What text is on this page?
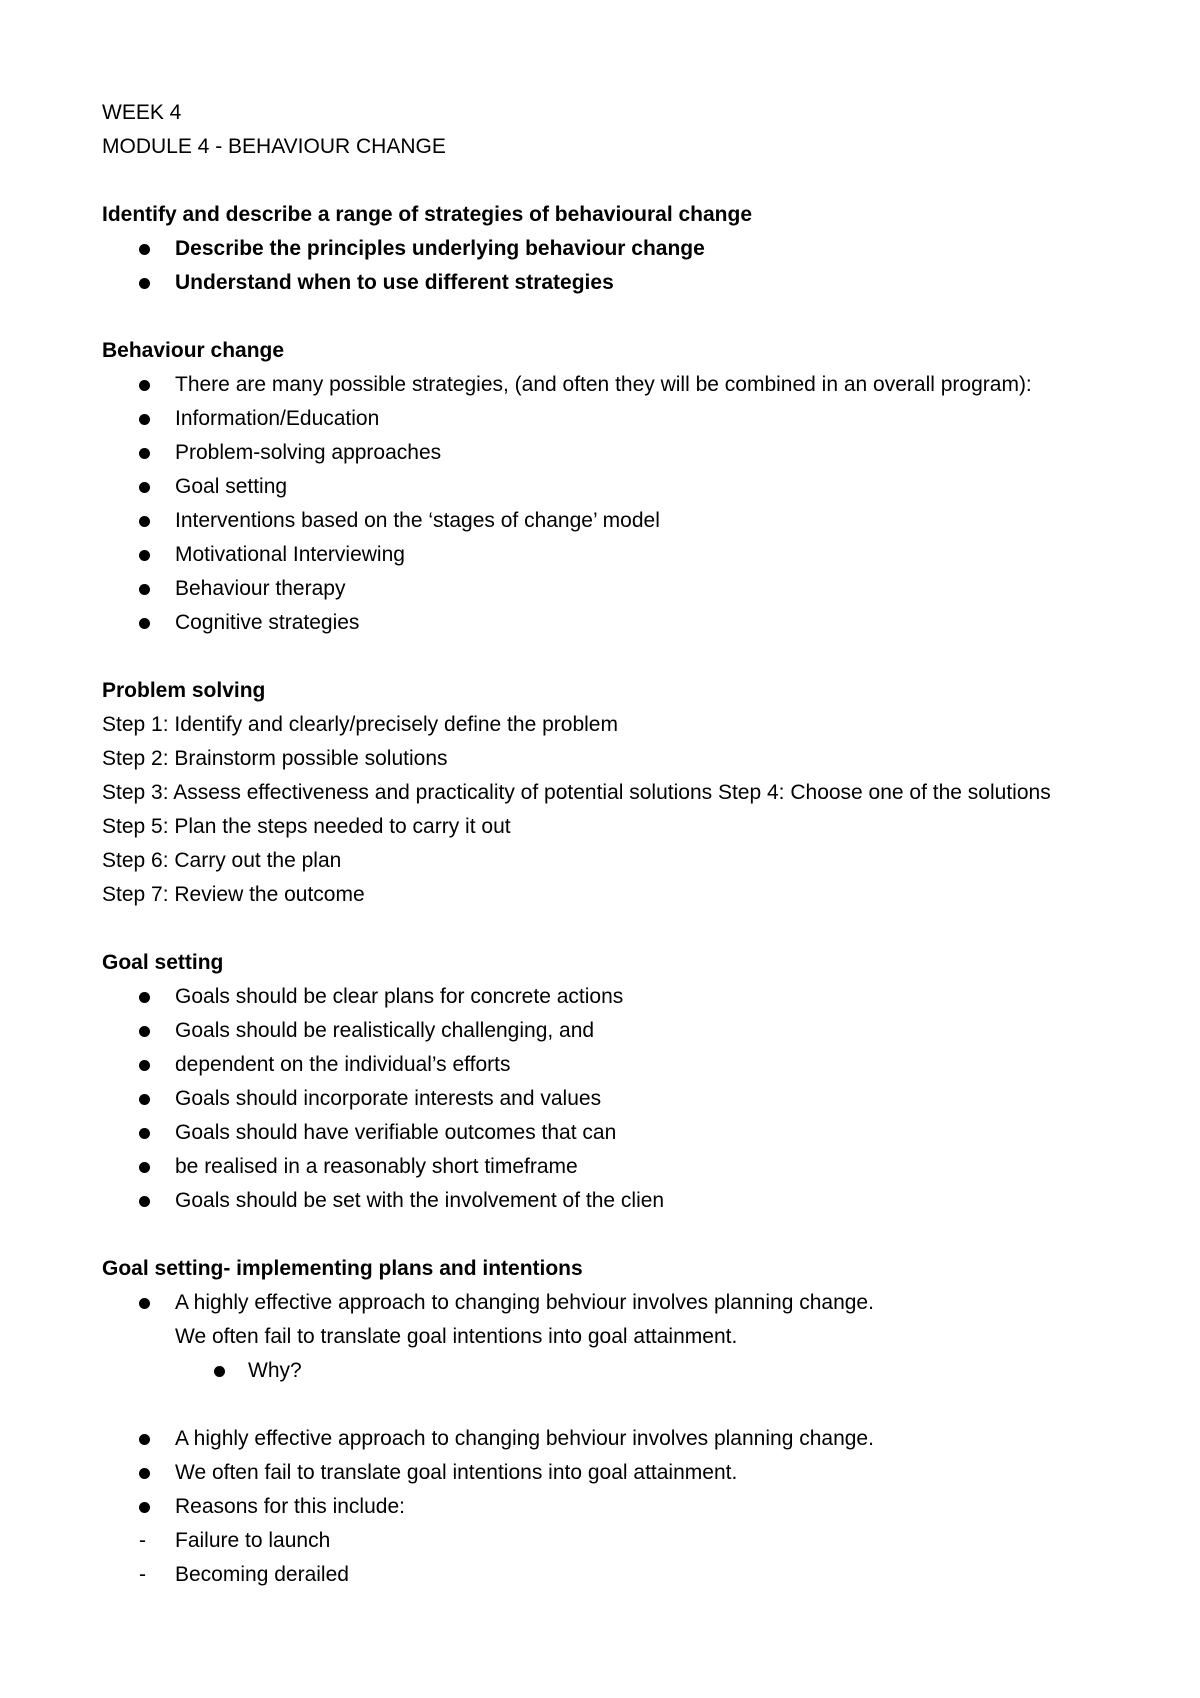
WEEK 4
MODULE 4 - BEHAVIOUR CHANGE
Identify and describe a range of strategies of behavioural change
Describe the principles underlying behaviour change
Understand when to use different strategies
Behaviour change
There are many possible strategies, (and often they will be combined in an overall program):
Information/Education
Problem-solving approaches
Goal setting
Interventions based on the ‘stages of change’ model
Motivational Interviewing
Behaviour therapy
Cognitive strategies
Problem solving
Step 1: Identify and clearly/precisely define the problem
Step 2: Brainstorm possible solutions
Step 3: Assess effectiveness and practicality of potential solutions Step 4: Choose one of the solutions
Step 5: Plan the steps needed to carry it out
Step 6: Carry out the plan
Step 7: Review the outcome
Goal setting
Goals should be clear plans for concrete actions
Goals should be realistically challenging, and
dependent on the individual’s efforts
Goals should incorporate interests and values
Goals should have verifiable outcomes that can
be realised in a reasonably short timeframe
Goals should be set with the involvement of the clien
Goal setting- implementing plans and intentions
A highly effective approach to changing behviour involves planning change.
We often fail to translate goal intentions into goal attainment.
Why?
A highly effective approach to changing behviour involves planning change.
We often fail to translate goal intentions into goal attainment.
Reasons for this include:
- Failure to launch
- Becoming derailed
